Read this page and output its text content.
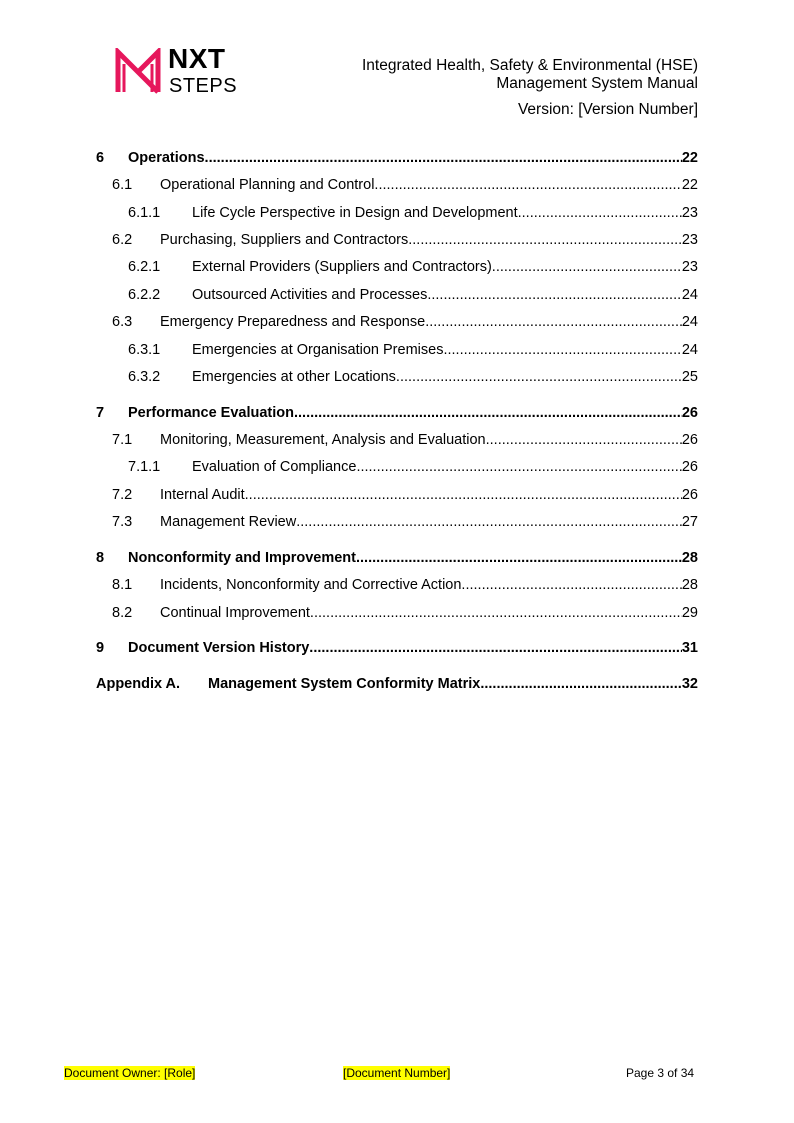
NXT
STEPS
Integrated Health, Safety & Environmental (HSE)
Management System Manual
Version: [Version Number]
6 Operations .....	22
6.1 Operational Planning and Control .....	22
6.1.1 Life Cycle Perspective in Design and Development .....	23
6.2 Purchasing, Suppliers and Contractors .....	23
6.2.1 External Providers (Suppliers and Contractors) .....	23
6.2.2 Outsourced Activities and Processes .....	24
6.3 Emergency Preparedness and Response .....	24
6.3.1 Emergencies at Organisation Premises .....	24
6.3.2 Emergencies at other Locations .....	25
7 Performance Evaluation .....	26
7.1 Monitoring, Measurement, Analysis and Evaluation .....	26
7.1.1 Evaluation of Compliance .....	26
7.2 Internal Audit .....	26
7.3 Management Review .....	27
8 Nonconformity and Improvement .....	28
8.1 Incidents, Nonconformity and Corrective Action .....	28
8.2 Continual Improvement .....	29
9 Document Version History .....	31
Appendix A. Management System Conformity Matrix .....	32
Document Owner: [Role]	[Document Number]	Page 3 of 34
